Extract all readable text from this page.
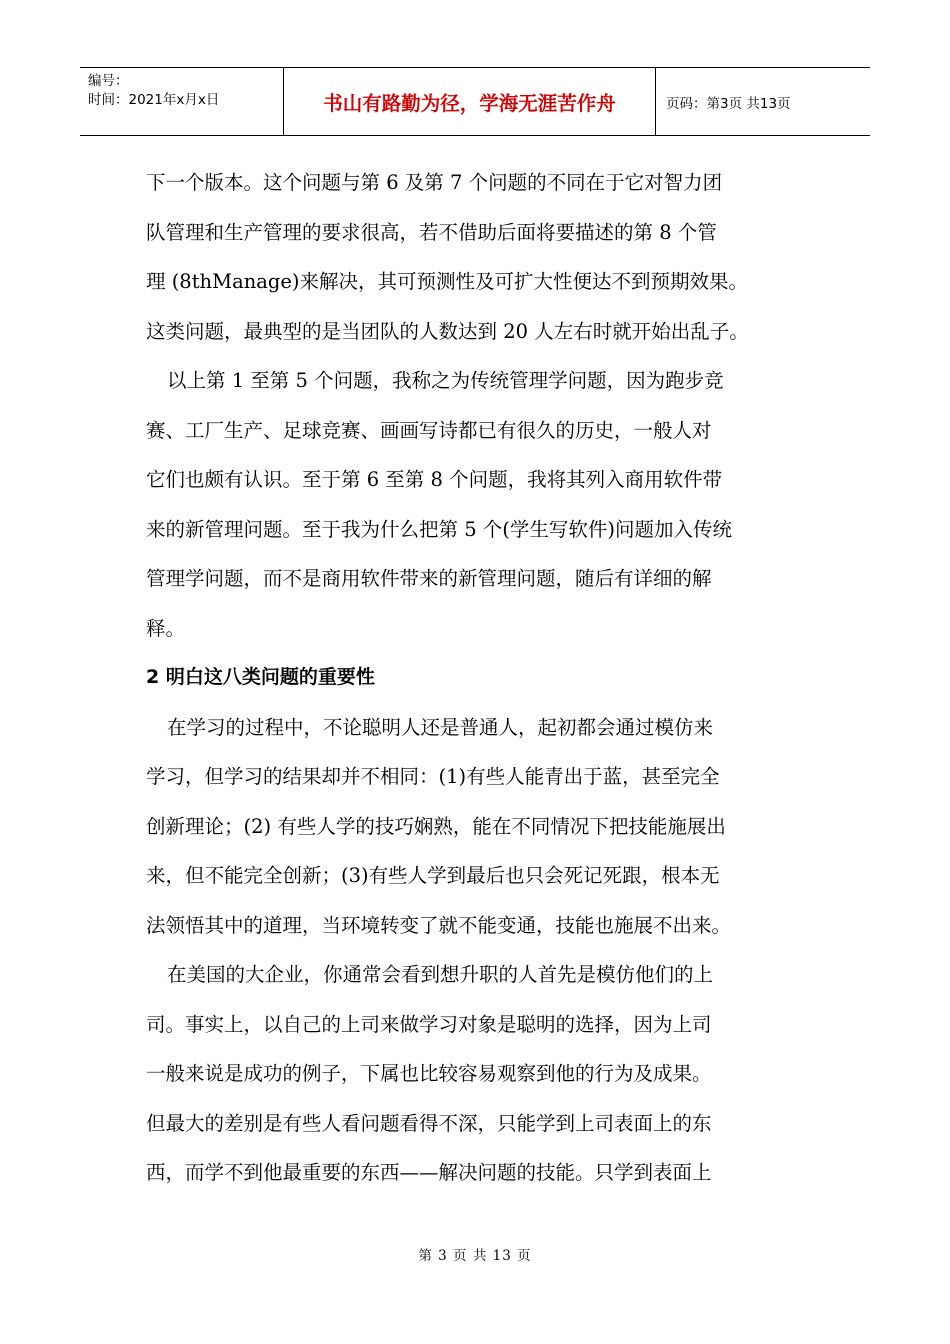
编号：
时间：2021年x月x日	书山有路勤为径，学海无涯苦作舟	页码：第3页 共13页
下一个版本。这个问题与第 6 及第 7 个问题的不同在于它对智力团
队管理和生产管理的要求很高，若不借助后面将要描述的第 8 个管
理 (8thManage)来解决，其可预测性及可扩大性便达不到预期效果。
这类问题，最典型的是当团队的人数达到 20 人左右时就开始出乱子。
以上第 1 至第 5 个问题，我称之为传统管理学问题，因为跑步竞
赛、工厂生产、足球竞赛、画画写诗都已有很久的历史，一般人对
它们也颇有认识。至于第 6 至第 8 个问题，我将其列入商用软件带
来的新管理问题。至于我为什么把第 5 个(学生写软件)问题加入传统
管理学问题，而不是商用软件带来的新管理问题，随后有详细的解
释。
2 明白这八类问题的重要性
在学习的过程中，不论聪明人还是普通人，起初都会通过模仿来
学习，但学习的结果却并不相同：(1)有些人能青出于蓝，甚至完全
创新理论；(2) 有些人学的技巧娴熟，能在不同情况下把技能施展出
来，但不能完全创新；(3)有些人学到最后也只会死记死跟，根本无
法领悟其中的道理，当环境转变了就不能变通，技能也施展不出来。
在美国的大企业，你通常会看到想升职的人首先是模仿他们的上
司。事实上，以自己的上司来做学习对象是聪明的选择，因为上司
一般来说是成功的例子，下属也比较容易观察到他的行为及成果。
但最大的差别是有些人看问题看得不深，只能学到上司表面上的东
西，而学不到他最重要的东西——解决问题的技能。只学到表面上
第 3 页 共 13 页
